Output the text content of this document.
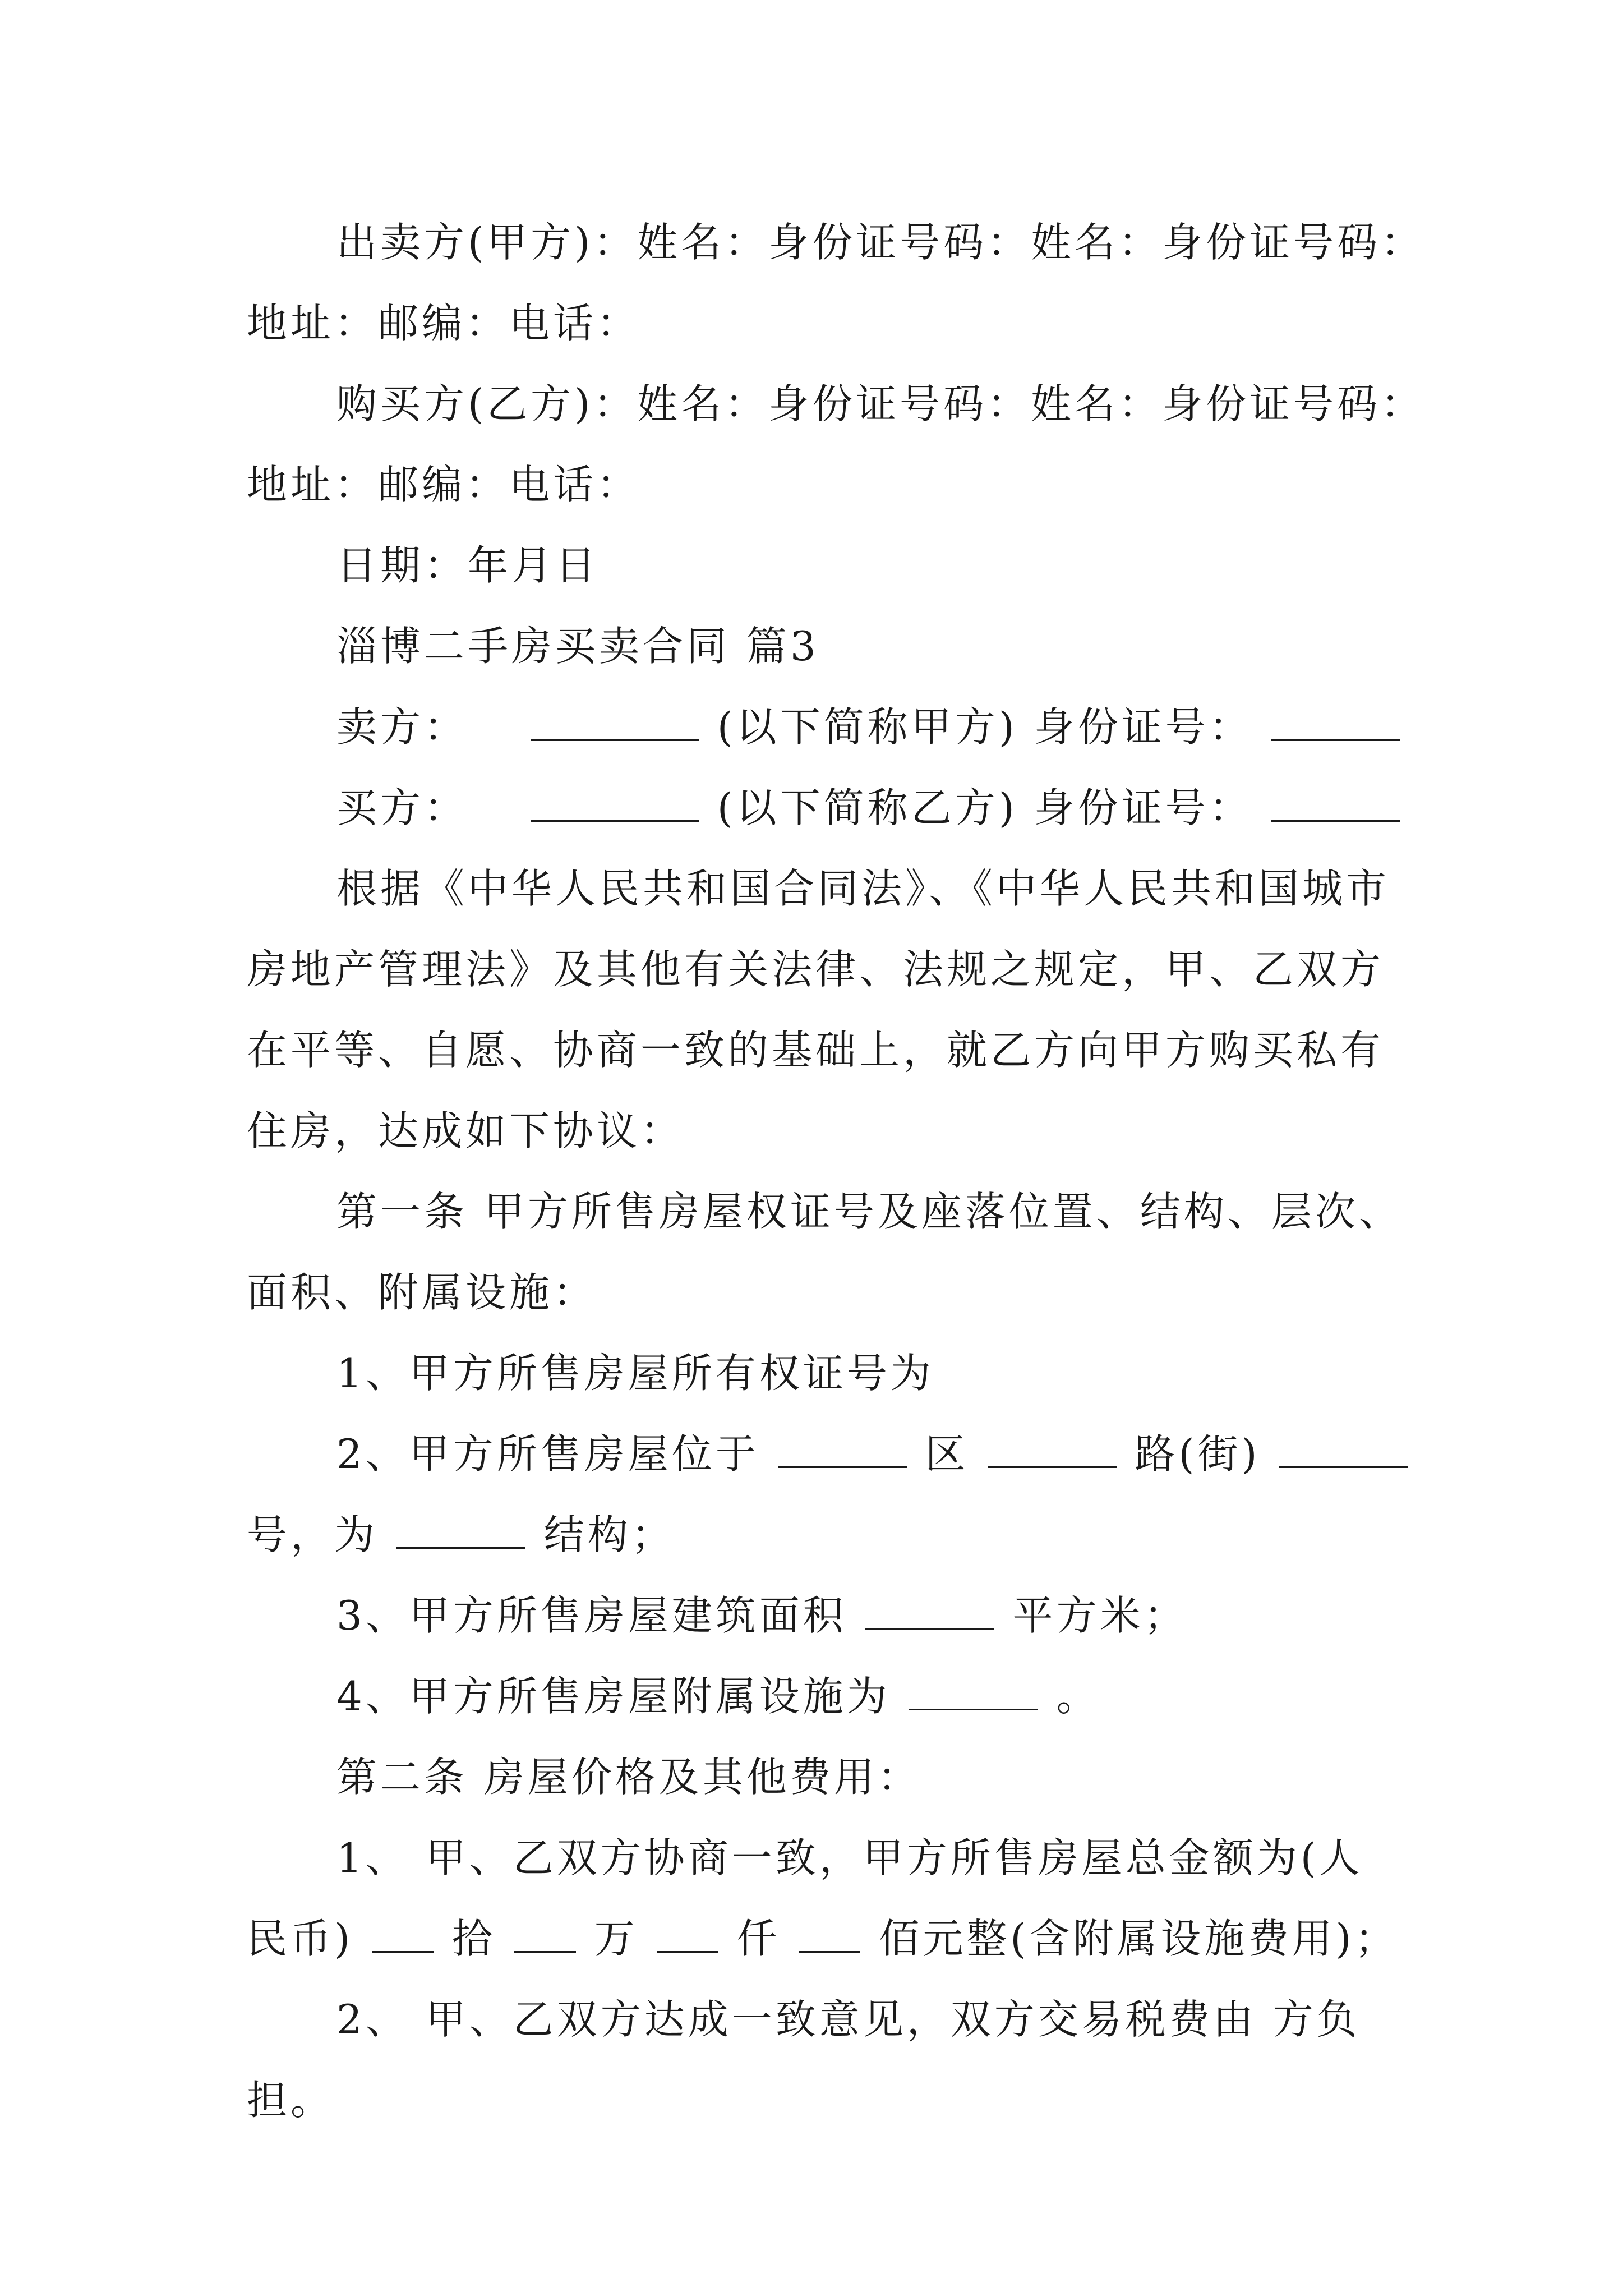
出卖方(甲方)：姓名：身份证号码：姓名：身份证号码：
地址：邮编：电话：
购买方(乙方)：姓名：身份证号码：姓名：身份证号码：
地址：邮编：电话：
日期：年月日
淄博二手房买卖合同 篇3
卖方：	(以下简称甲方) 身份证号：
买方：	(以下简称乙方) 身份证号：
根据《中华人民共和国合同法》、《中华人民共和国城市
房地产管理法》及其他有关法律、法规之规定，甲、乙双方
在平等、自愿、协商一致的基础上，就乙方向甲方购买私有
住房，达成如下协议：
第一条 甲方所售房屋权证号及座落位置、结构、层次、
面积、附属设施：
1、甲方所售房屋所有权证号为
2、甲方所售房屋位于	区	路(街)
号，为	结构；
3、甲方所售房屋建筑面积	平方米；
4、甲方所售房屋附属设施为	。
第二条 房屋价格及其他费用：
1、 甲、乙双方协商一致，甲方所售房屋总金额为(人
民币) 拾 万 仟 佰元整(含附属设施费用)；
2、 甲、乙双方达成一致意见，双方交易税费由 方负
担。
